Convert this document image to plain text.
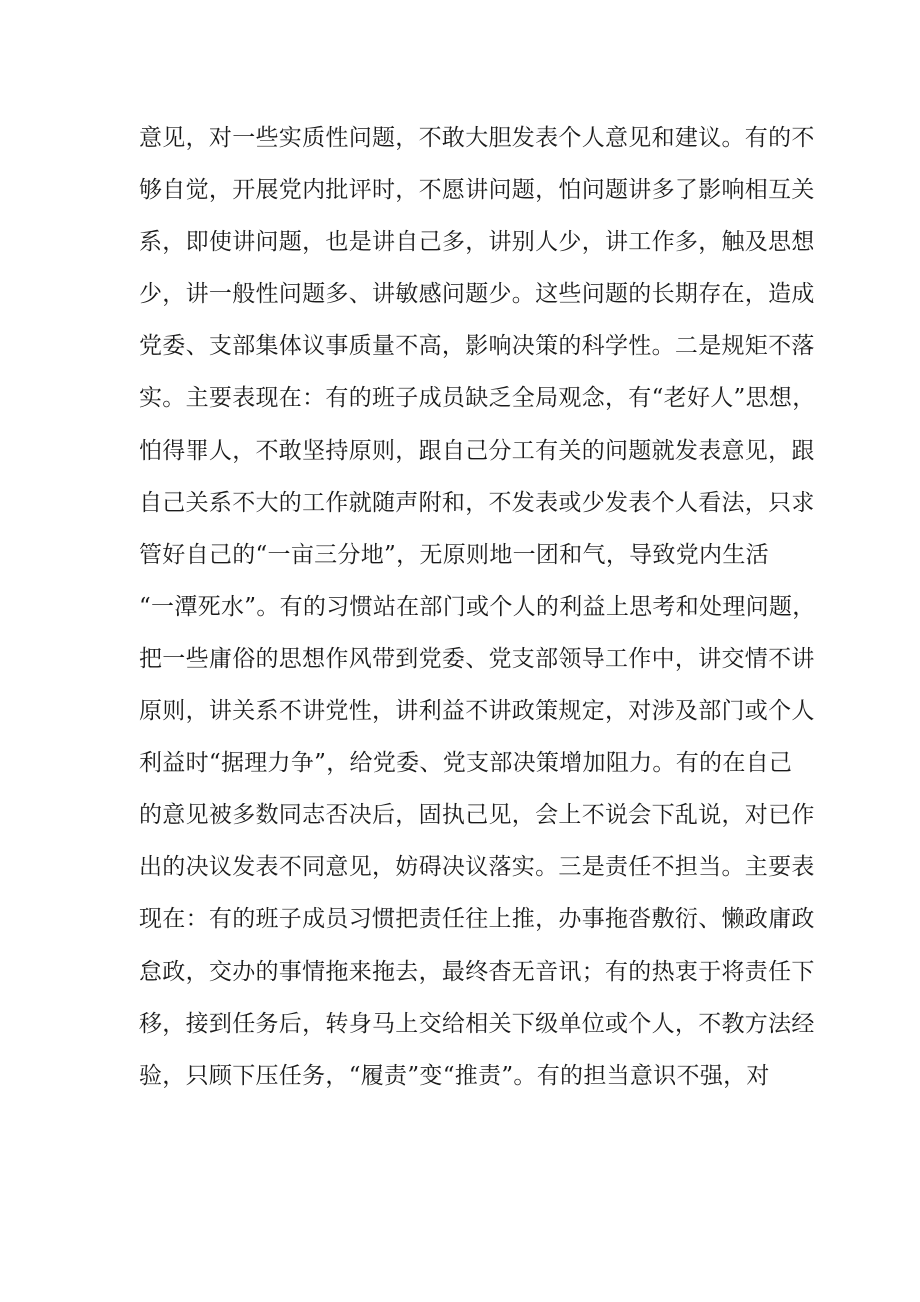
意见，对一些实质性问题，不敢大胆发表个人意见和建议。有的不
够自觉，开展党内批评时，不愿讲问题，怕问题讲多了影响相互关
系，即使讲问题，也是讲自己多，讲别人少，讲工作多，触及思想
少，讲一般性问题多、讲敏感问题少。这些问题的长期存在，造成
党委、支部集体议事质量不高，影响决策的科学性。二是规矩不落
实。主要表现在：有的班子成员缺乏全局观念，有“老好人”思想，
怕得罪人，不敢坚持原则，跟自己分工有关的问题就发表意见，跟
自己关系不大的工作就随声附和，不发表或少发表个人看法，只求
管好自己的“一亩三分地”，无原则地一团和气，导致党内生活
“一潭死水”。有的习惯站在部门或个人的利益上思考和处理问题，
把一些庸俗的思想作风带到党委、党支部领导工作中，讲交情不讲
原则，讲关系不讲党性，讲利益不讲政策规定，对涉及部门或个人
利益时“据理力争”，给党委、党支部决策增加阻力。有的在自己
的意见被多数同志否决后，固执己见，会上不说会下乱说，对已作
出的决议发表不同意见，妨碍决议落实。三是责任不担当。主要表
现在：有的班子成员习惯把责任往上推，办事拖沓敷衍、懒政庸政
怠政，交办的事情拖来拖去，最终杳无音讯；有的热衷于将责任下
移，接到任务后，转身马上交给相关下级单位或个人，不教方法经
验，只顾下压任务，“履责”变“推责”。有的担当意识不强，对
